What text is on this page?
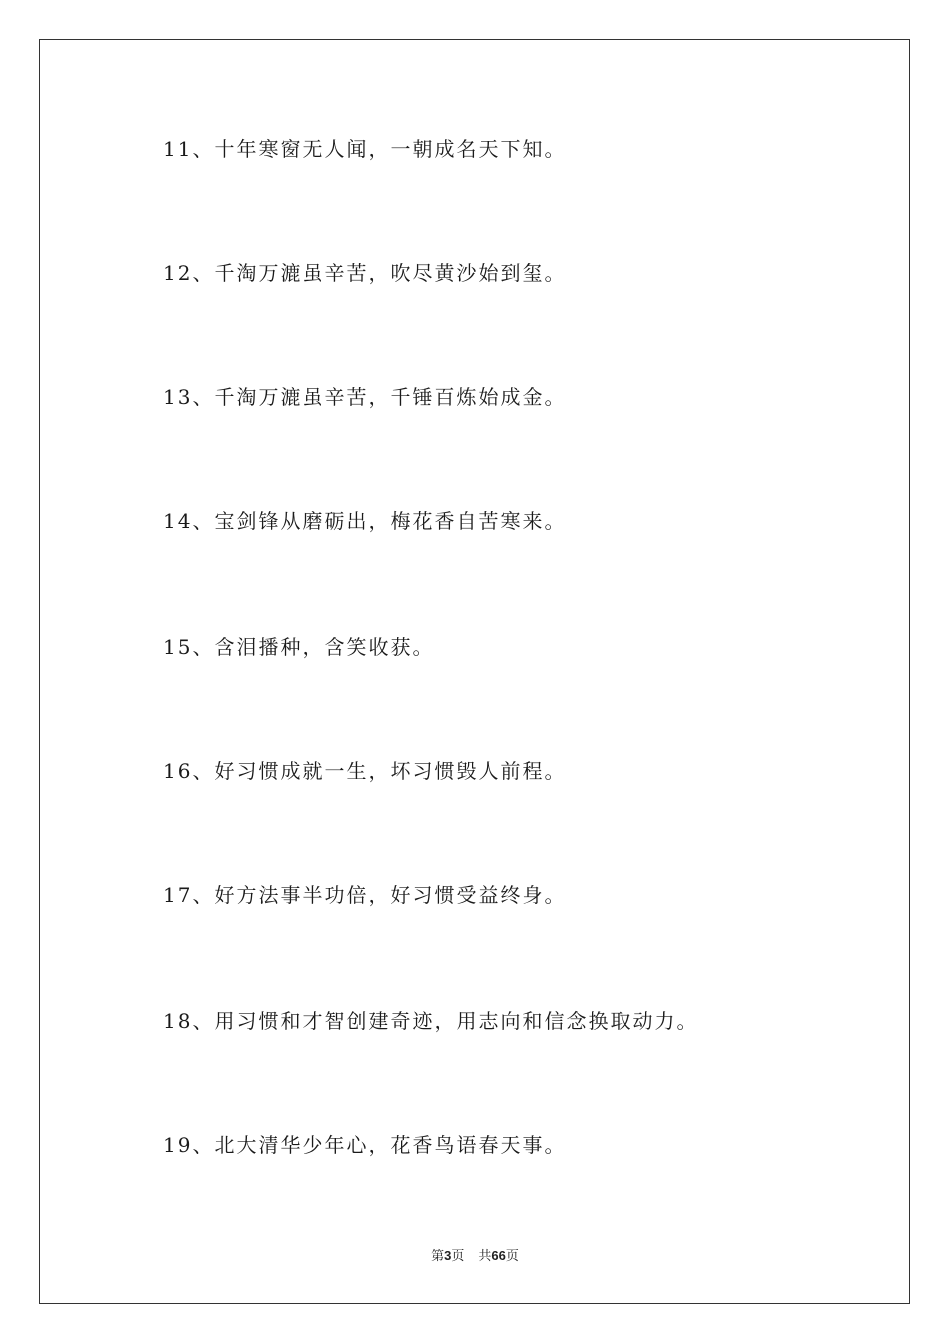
11、十年寒窗无人闻，一朝成名天下知。
12、千淘万漉虽辛苦，吹尽黄沙始到玺。
13、千淘万漉虽辛苦，千锤百炼始成金。
14、宝剑锋从磨砺出，梅花香自苦寒来。
15、含泪播种，含笑收获。
16、好习惯成就一生，坏习惯毁人前程。
17、好方法事半功倍，好习惯受益终身。
18、用习惯和才智创建奇迹，用志向和信念换取动力。
19、北大清华少年心，花香鸟语春天事。
第3页 共66页
